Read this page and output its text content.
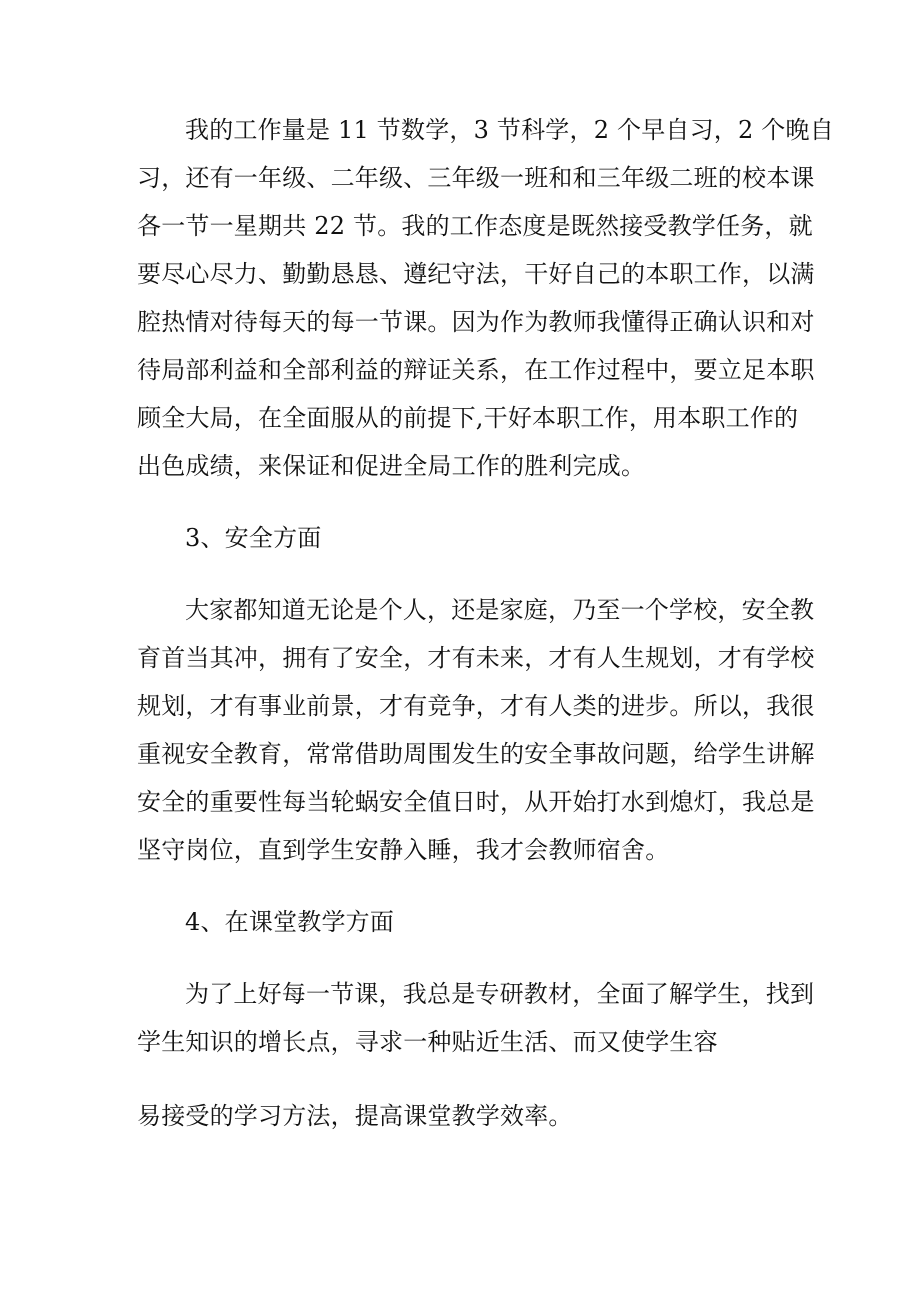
我的工作量是 11 节数学，3 节科学，2 个早自习，2 个晚自
习，还有一年级、二年级、三年级一班和和三年级二班的校本课
各一节一星期共 22 节。我的工作态度是既然接受教学任务，就
要尽心尽力、勤勤恳恳、遵纪守法，干好自己的本职工作，以满
腔热情对待每天的每一节课。因为作为教师我懂得正确认识和对
待局部利益和全部利益的辩证关系，在工作过程中，要立足本职
顾全大局，在全面服从的前提下,干好本职工作，用本职工作的
出色成绩，来保证和促进全局工作的胜利完成。
3、安全方面
大家都知道无论是个人，还是家庭，乃至一个学校，安全教
育首当其冲，拥有了安全，才有未来，才有人生规划，才有学校
规划，才有事业前景，才有竞争，才有人类的进步。所以，我很
重视安全教育，常常借助周围发生的安全事故问题，给学生讲解
安全的重要性每当轮蜗安全值日时，从开始打水到熄灯，我总是
坚守岗位，直到学生安静入睡，我才会教师宿舍。
4、在课堂教学方面
为了上好每一节课，我总是专研教材，全面了解学生，找到
学生知识的增长点，寻求一种贴近生活、而又使学生容
易接受的学习方法，提高课堂教学效率。
